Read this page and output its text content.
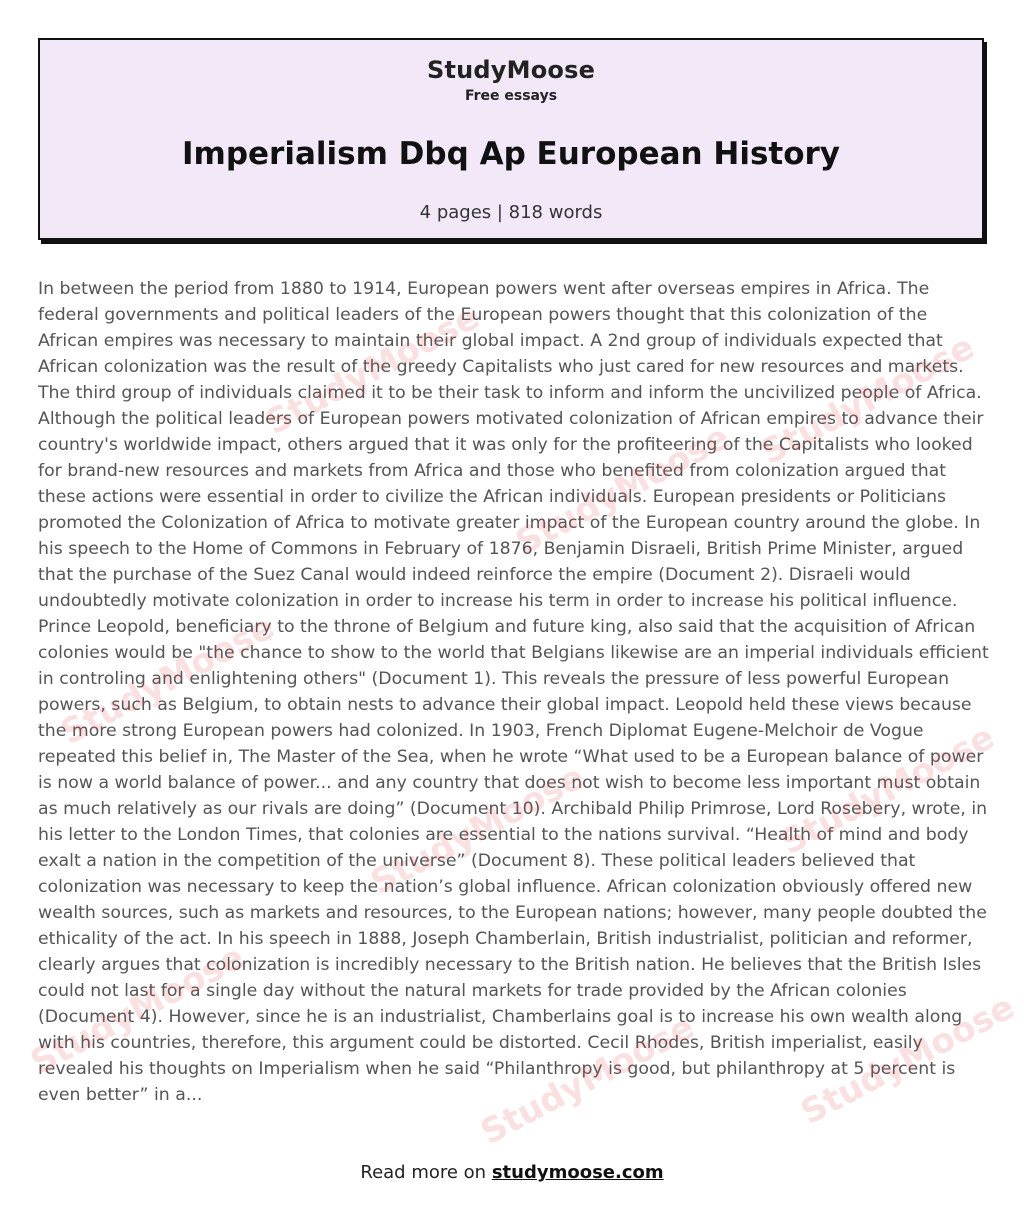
StudyMoose
Free essays
Imperialism Dbq Ap European History
4 pages | 818 words

In between the period from 1880 to 1914, European powers went after overseas empires in Africa. The federal governments and political leaders of the European powers thought that this colonization of the African empires was necessary to maintain their global impact. A 2nd group of individuals expected that African colonization was the result of the greedy Capitalists who just cared for new resources and markets. The third group of individuals claimed it to be their task to inform and inform the uncivilized people of Africa. Although the political leaders of European powers motivated colonization of African empires to advance their country's worldwide impact, others argued that it was only for the profiteering of the Capitalists who looked for brand-new resources and markets from Africa and those who benefited from colonization argued that these actions were essential in order to civilize the African individuals. European presidents or Politicians promoted the Colonization of Africa to motivate greater impact of the European country around the globe. In his speech to the Home of Commons in February of 1876, Benjamin Disraeli, British Prime Minister, argued that the purchase of the Suez Canal would indeed reinforce the empire (Document 2). Disraeli would undoubtedly motivate colonization in order to increase his term in order to increase his political influence. Prince Leopold, beneficiary to the throne of Belgium and future king, also said that the acquisition of African colonies would be "the chance to show to the world that Belgians likewise are an imperial individuals efficient in controling and enlightening others" (Document 1). This reveals the pressure of less powerful European powers, such as Belgium, to obtain nests to advance their global impact. Leopold held these views because the more strong European powers had colonized. In 1903, French Diplomat Eugene-Melchoir de Vogue repeated this belief in, The Master of the Sea, when he wrote “What used to be a European balance of power is now a world balance of power... and any country that does not wish to become less important must obtain as much relatively as our rivals are doing” (Document 10). Archibald Philip Primrose, Lord Rosebery, wrote, in his letter to the London Times, that colonies are essential to the nations survival. “Health of mind and body exalt a nation in the competition of the universe” (Document 8). These political leaders believed that colonization was necessary to keep the nation’s global influence. African colonization obviously offered new wealth sources, such as markets and resources, to the European nations; however, many people doubted the ethicality of the act. In his speech in 1888, Joseph Chamberlain, British industrialist, politician and reformer, clearly argues that colonization is incredibly necessary to the British nation. He believes that the British Isles could not last for a single day without the natural markets for trade provided by the African colonies (Document 4). However, since he is an industrialist, Chamberlains goal is to increase his own wealth along with his countries, therefore, this argument could be distorted. Cecil Rhodes, British imperialist, easily revealed his thoughts on Imperialism when he said “Philanthropy is good, but philanthropy at 5 percent is even better” in a...

StudyMoose
StudyMoose
StudyMoose
StudyMoose
StudyMoose	StudyMoose
StudyMoose	StudyMoose	StudyMoose
Read more on studymoose.com
